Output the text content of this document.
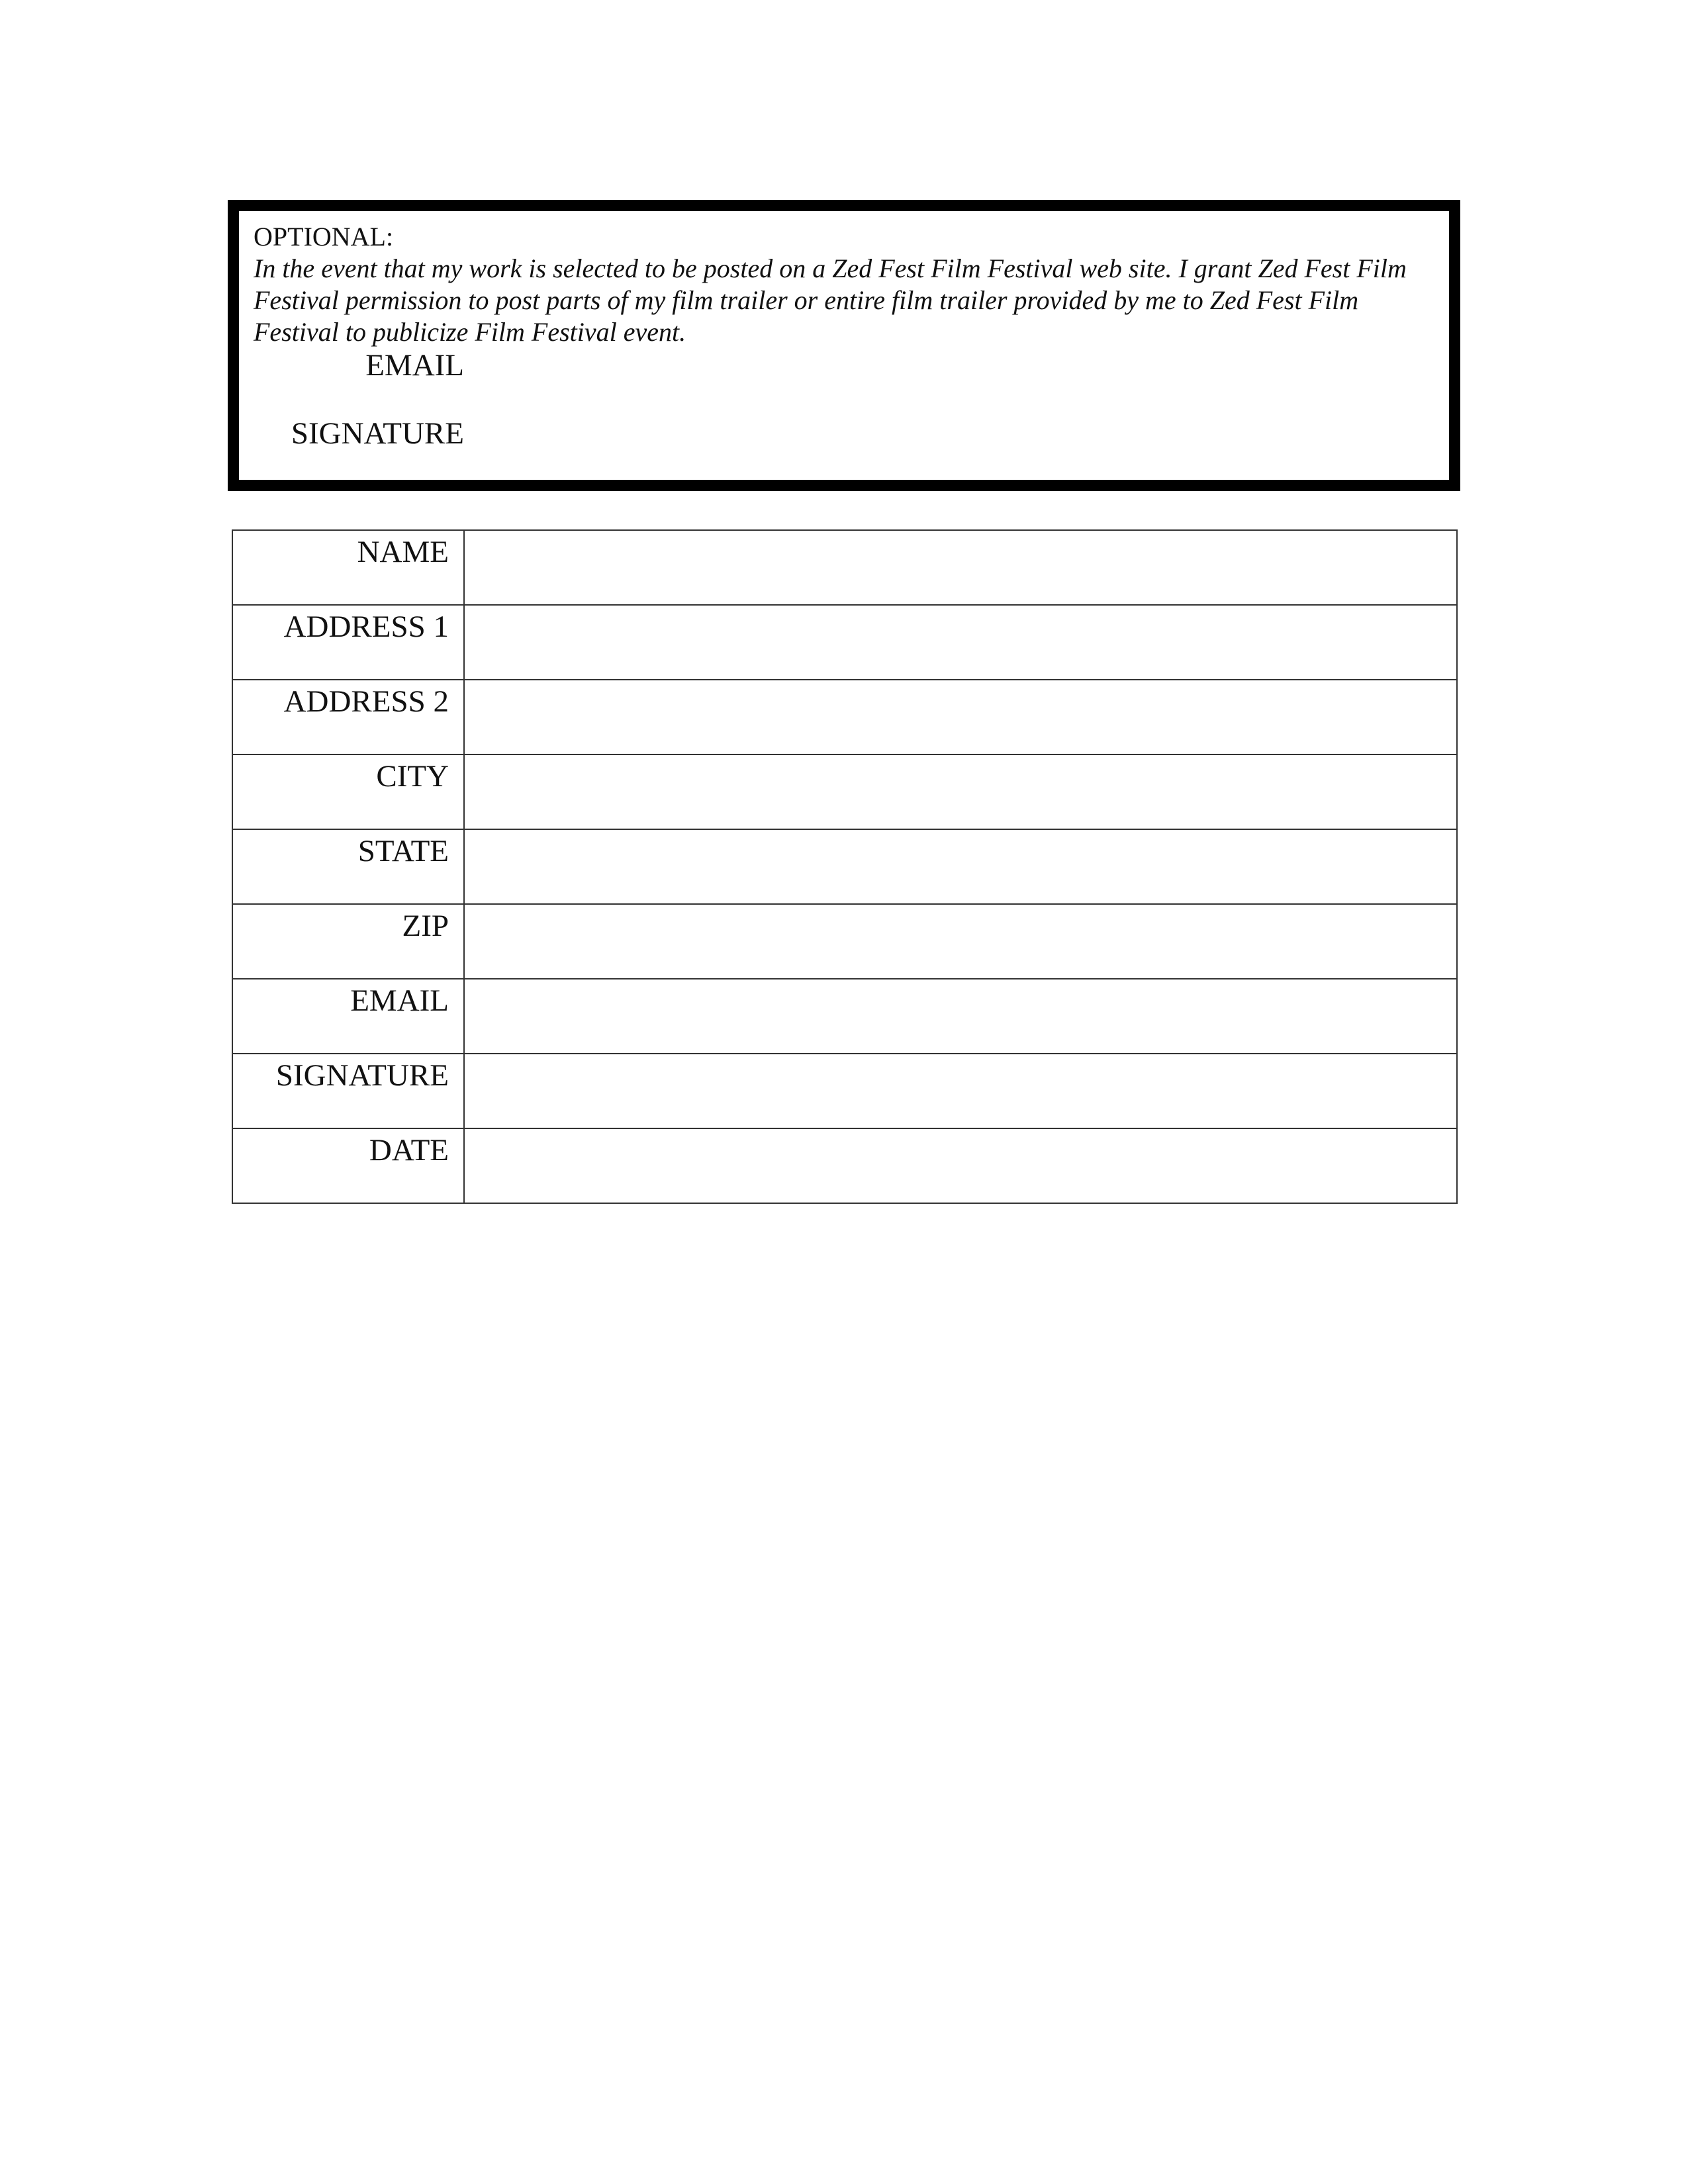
OPTIONAL:
In the event that my work is selected to be posted on a Zed Fest Film Festival web site. I grant Zed Fest Film Festival permission to post parts of my film trailer or entire film trailer provided by me to Zed Fest Film Festival to publicize Film Festival event.
EMAIL
SIGNATURE
NAME	
ADDRESS 1	
ADDRESS 2	
CITY	
STATE	
ZIP	
EMAIL	
SIGNATURE	
DATE	
